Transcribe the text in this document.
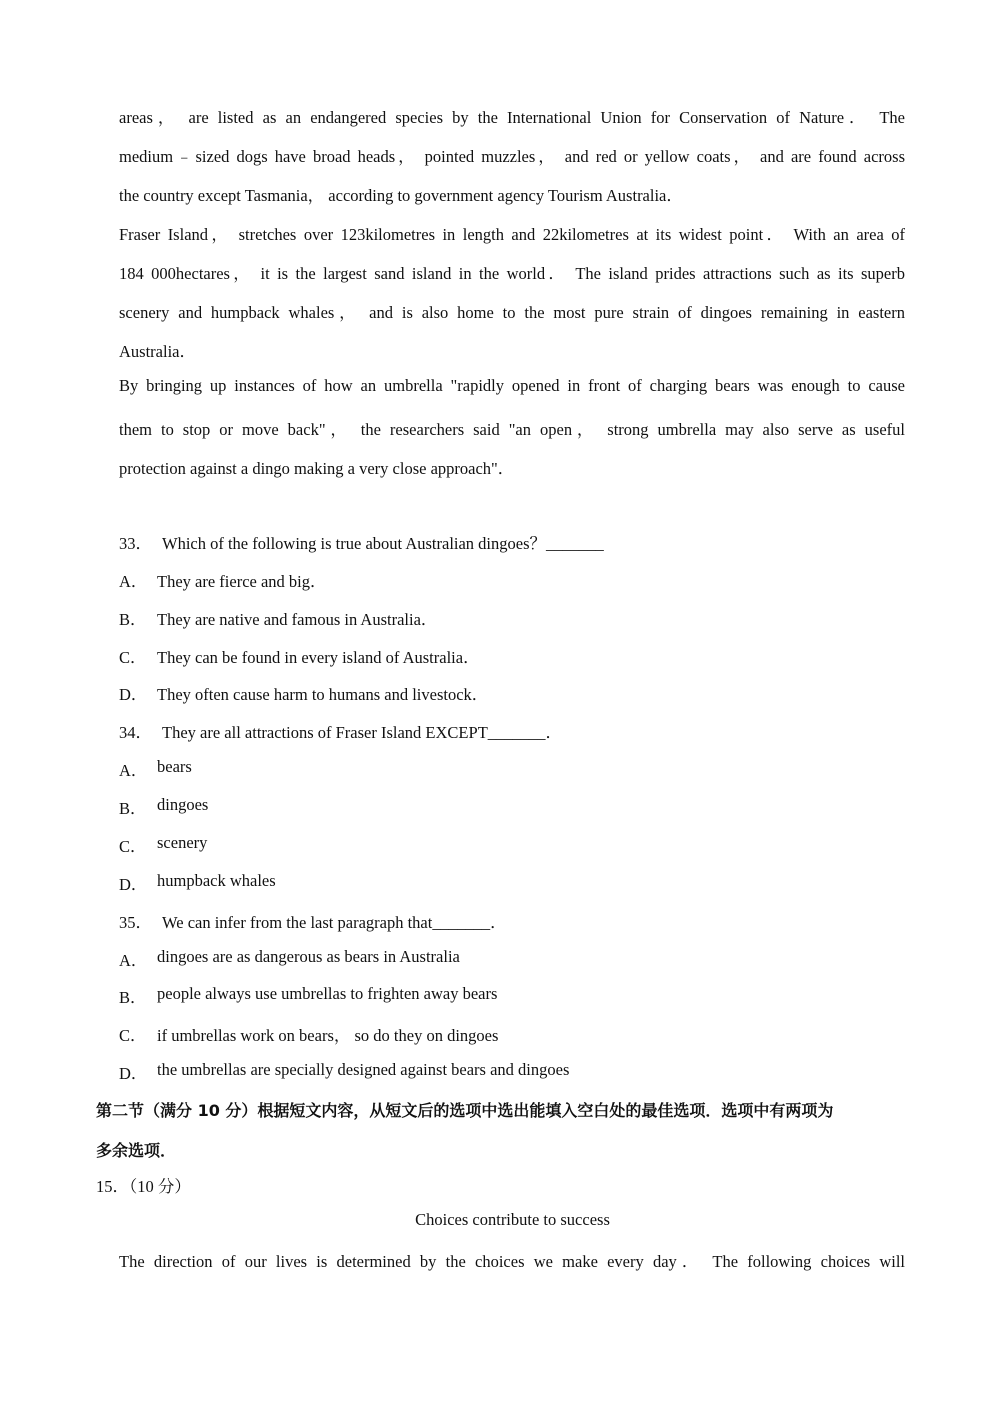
areas， are listed as an endangered species by the International Union for Conservation of Nature． The
medium﹣sized dogs have broad heads， pointed muzzles， and red or yellow coats， and are found across
the country except Tasmania， according to government agency Tourism Australia．
Fraser Island， stretches over 123kilometres in length and 22kilometres at its widest point． With an area of
184 000hectares， it is the largest sand island in the world． The island prides attractions such as its superb
scenery and humpback whales， and is also home to the most pure strain of dingoes remaining in eastern
Australia．
By bringing up instances of how an umbrella "rapidly opened in front of charging bears was enough to cause
them to stop or move back"， the researchers said "an open， strong umbrella may also serve as useful
protection against a dingo making a very close approach"．
33． Which of the following is true about Australian dingoes？_______
A． They are fierce and big．
B． They are native and famous in Australia．
C． They can be found in every island of Australia．
D． They often cause harm to humans and livestock．
34． They are all attractions of Fraser Island EXCEPT_______．
A． bears
B． dingoes
C． scenery
D． humpback whales
35． We can infer from the last paragraph that_______．
A． dingoes are as dangerous as bears in Australia
B． people always use umbrellas to frighten away bears
C． if umbrellas work on bears， so do they on dingoes
D． the umbrellas are specially designed against bears and dingoes
第二节（满分 10 分）根据短文内容，从短文后的选项中选出能填入空白处的最佳选项．选项中有两项为
多余选项．
15．（10 分）
Choices contribute to success
The direction of our lives is determined by the choices we make every day． The following choices will
